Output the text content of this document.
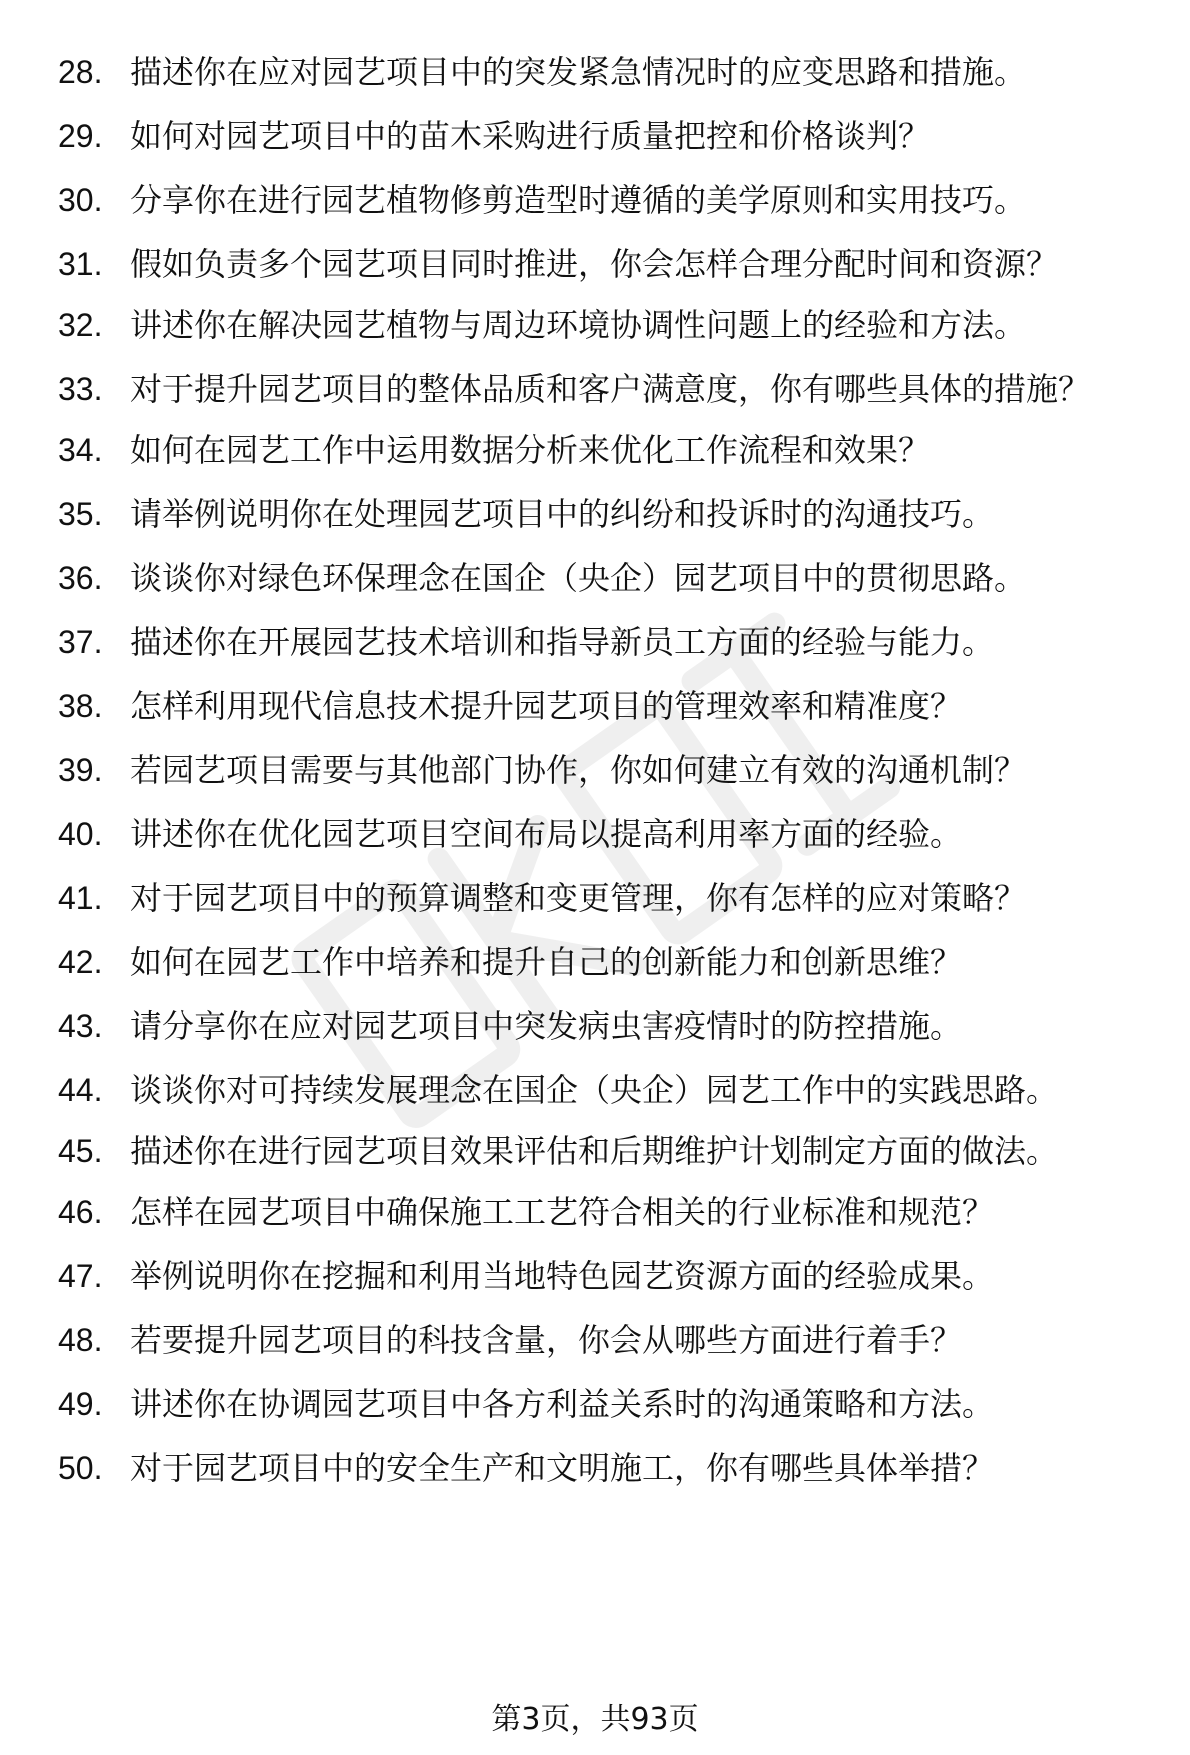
28. 描述你在应对园艺项目中的突发紧急情况时的应变思路和措施。
29. 如何对园艺项目中的苗木采购进行质量把控和价格谈判？
30. 分享你在进行园艺植物修剪造型时遵循的美学原则和实用技巧。
31. 假如负责多个园艺项目同时推进，你会怎样合理分配时间和资源？
32. 讲述你在解决园艺植物与周边环境协调性问题上的经验和方法。
33. 对于提升园艺项目的整体品质和客户满意度，你有哪些具体的措施？
34. 如何在园艺工作中运用数据分析来优化工作流程和效果？
35. 请举例说明你在处理园艺项目中的纠纷和投诉时的沟通技巧。
36. 谈谈你对绿色环保理念在国企（央企）园艺项目中的贯彻思路。
37. 描述你在开展园艺技术培训和指导新员工方面的经验与能力。
38. 怎样利用现代信息技术提升园艺项目的管理效率和精准度？
39. 若园艺项目需要与其他部门协作，你如何建立有效的沟通机制？
40. 讲述你在优化园艺项目空间布局以提高利用率方面的经验。
41. 对于园艺项目中的预算调整和变更管理，你有怎样的应对策略？
42. 如何在园艺工作中培养和提升自己的创新能力和创新思维？
43. 请分享你在应对园艺项目中突发病虫害疫情时的防控措施。
44. 谈谈你对可持续发展理念在国企（央企）园艺工作中的实践思路。
45. 描述你在进行园艺项目效果评估和后期维护计划制定方面的做法。
46. 怎样在园艺项目中确保施工工艺符合相关的行业标准和规范？
47. 举例说明你在挖掘和利用当地特色园艺资源方面的经验成果。
48. 若要提升园艺项目的科技含量，你会从哪些方面进行着手？
49. 讲述你在协调园艺项目中各方利益关系时的沟通策略和方法。
50. 对于园艺项目中的安全生产和文明施工，你有哪些具体举措？
第3页，共93页
